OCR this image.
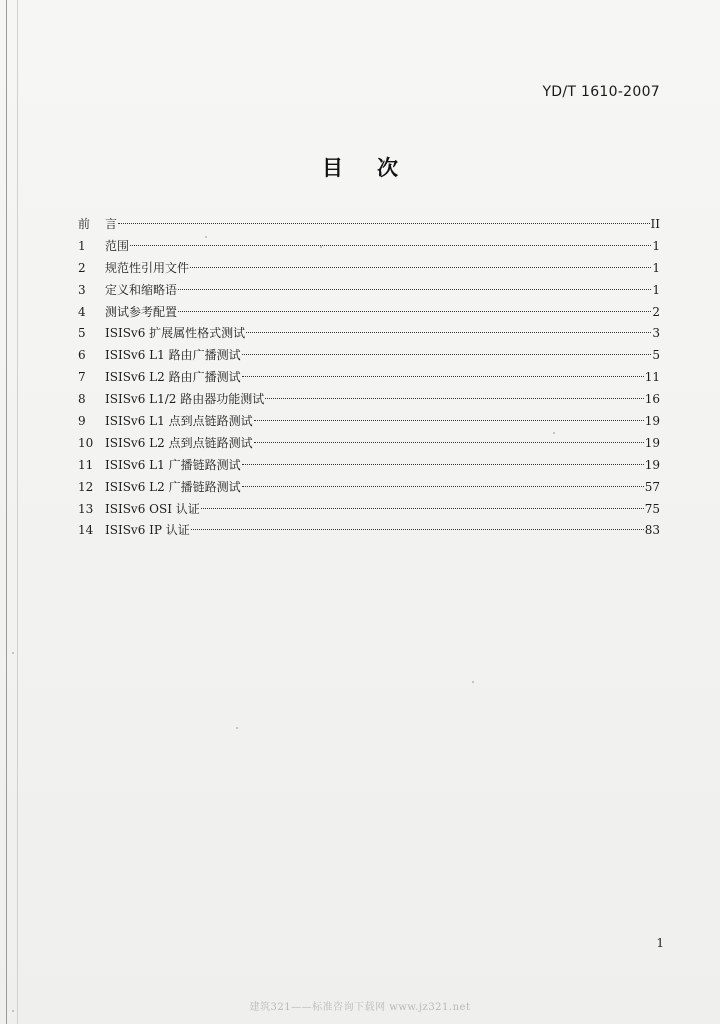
YD/T 1610-2007
目 次
前	言	II
1	范围	1
2	规范性引用文件	1
3	定义和缩略语	1
4	测试参考配置	2
5	ISISv6 扩展属性格式测试	3
6	ISISv6 L1 路由广播测试	5
7	ISISv6 L2 路由广播测试	11
8	ISISv6 L1/2 路由器功能测试	16
9	ISISv6 L1 点到点链路测试	19
10 ISISv6 L2 点到点链路测试	19
11 ISISv6 L1 广播链路测试	19
12 ISISv6 L2 广播链路测试	57
13 ISISv6 OSI 认证	75
14 ISISv6 IP 认证	83
1
建筑321——标准咨询下载网 www.jz321.net
